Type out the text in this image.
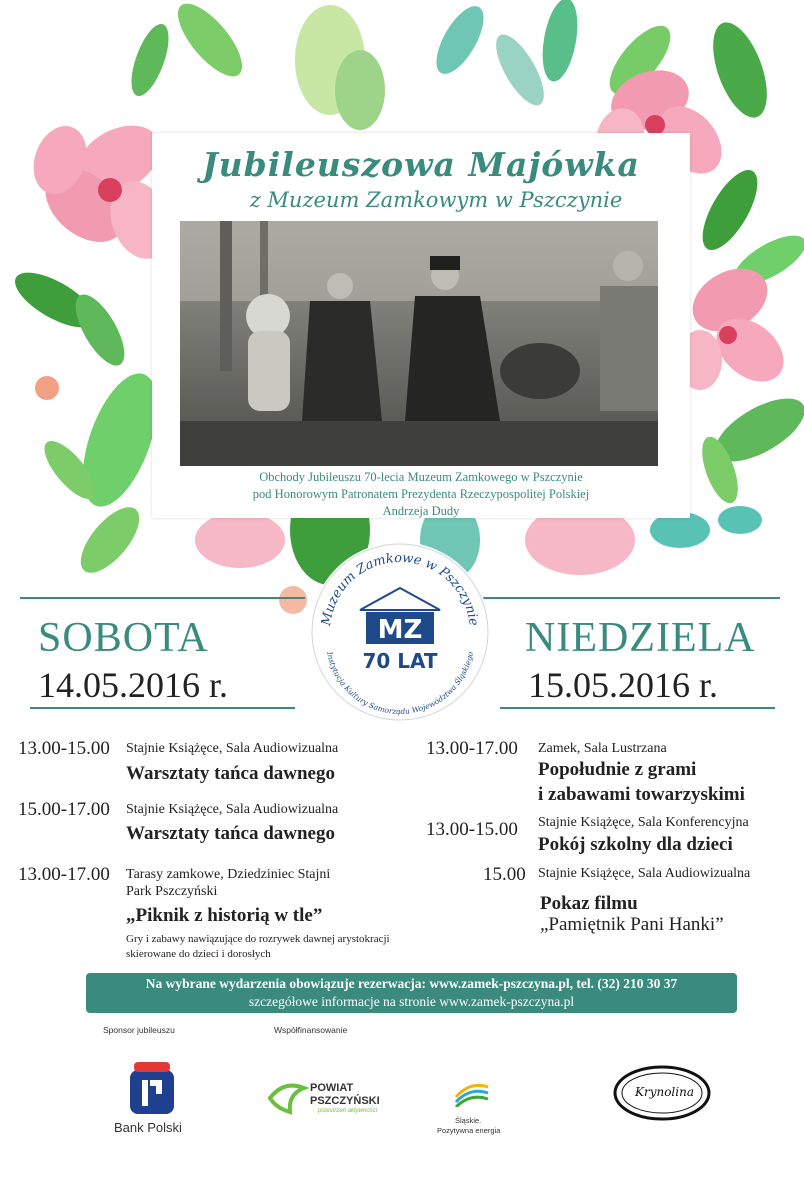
Jubileuszowa Majówka
z Muzeum Zamkowym w Pszczynie
Obchody Jubileuszu 70-lecia Muzeum Zamkowego w Pszczynie
pod Honorowym Patronatem Prezydenta Rzeczypospolitej Polskiej
Andrzeja Dudy
Muzeum Zamkowe w Pszczynie
Instytucja Kultury Samorządu Województwa Śląskiego
MZ
70 LAT
SOBOTA
14.05.2016 r.
NIEDZIELA
15.05.2016 r.
13.00-15.00 Stajnie Książęce, Sala Audiowizualna
Warsztaty tańca dawnego
15.00-17.00 Stajnie Książęce, Sala Audiowizualna
Warsztaty tańca dawnego
13.00-17.00 Tarasy zamkowe, Dziedziniec Stajni
Park Pszczyński
„Piknik z historią w tle”
Gry i zabawy nawiązujące do rozrywek dawnej arystokracji
skierowane do dzieci i dorosłych
13.00-17.00 Zamek, Sala Lustrzana
Popołudnie z grami
i zabawami towarzyskimi
13.00-15.00 Stajnie Książęce, Sala Konferencyjna
Pokój szkolny dla dzieci
15.00 Stajnie Książęce, Sala Audiowizualna
Pokaz filmu
„Pamiętnik Pani Hanki”
Na wybrane wydarzenia obowiązuje rezerwacja: www.zamek-pszczyna.pl, tel. (32) 210 30 37
szczegółowe informacje na stronie www.zamek-pszczyna.pl
Sponsor jubileuszu	Współfinansowanie
Bank Polski
POWIAT
PSZCZYŃSKI
przestrzeń aktywności
Śląskie.
Pozytywna energia
Krynolina
